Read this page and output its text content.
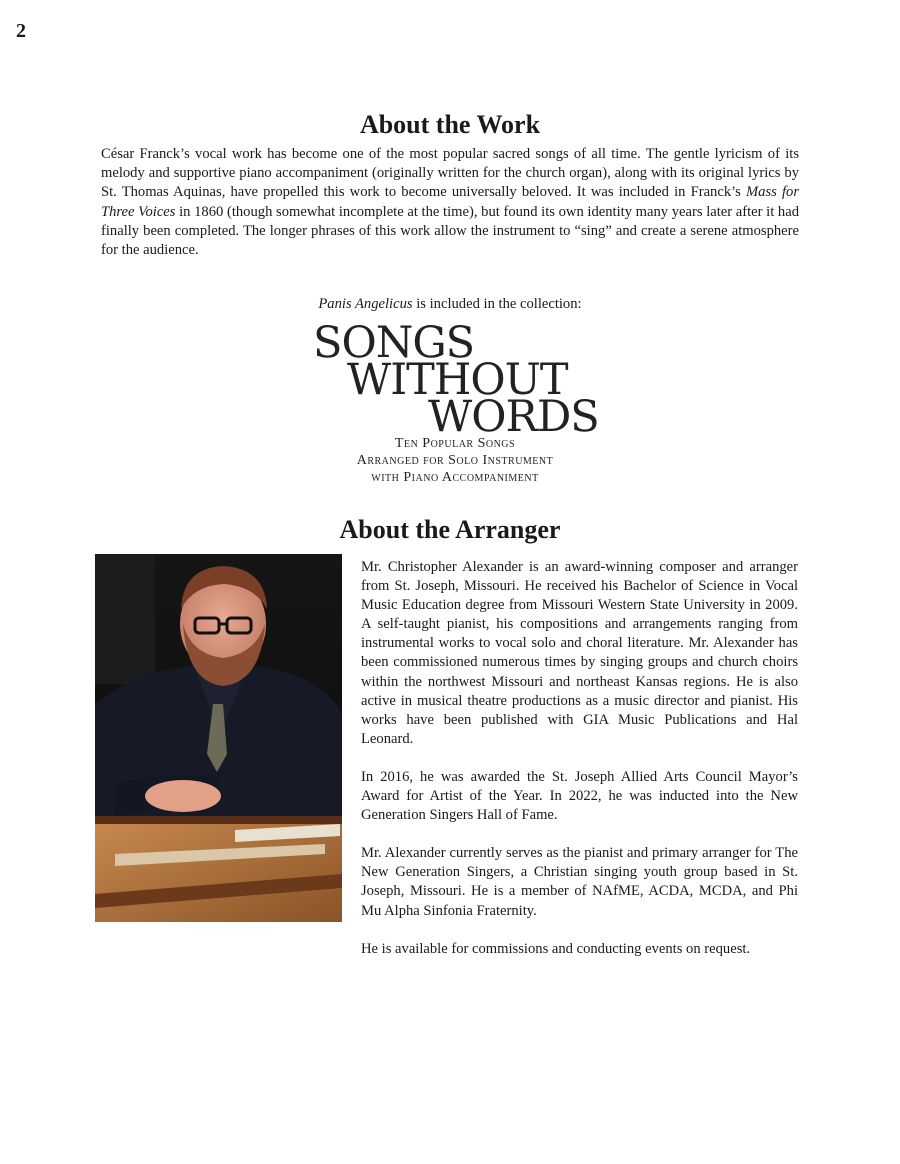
2
About the Work

César Franck’s vocal work has become one of the most popular sacred songs of all time. The gentle lyricism of its melody and supportive piano accompaniment (originally written for the church organ), along with its original lyrics by St. Thomas Aquinas, have propelled this work to become universally beloved. It was included in Franck’s Mass for Three Voices in 1860 (though somewhat incomplete at the time), but found its own identity many years later after it had finally been completed. The longer phrases of this work allow the instrument to “sing” and create a serene atmosphere for the audience.

Panis Angelicus is included in the collection:
SONGS
WITHOUT
WORDS
Ten Popular Songs
Arranged for Solo Instrument
with Piano Accompaniment
About the Arranger

Mr. Christopher Alexander is an award-winning composer and arranger from St. Joseph, Missouri. He received his Bachelor of Science in Vocal Music Education degree from Missouri Western State University in 2009. A self-taught pianist, his compositions and arrangements ranging from instrumental works to vocal solo and choral literature. Mr. Alexander has been commissioned numerous times by singing groups and church choirs within the northwest Missouri and northeast Kansas regions. He is also active in musical theatre productions as a music director and pianist. His works have been published with GIA Music Publications and Hal Leonard.

In 2016, he was awarded the St. Joseph Allied Arts Council Mayor’s Award for Artist of the Year. In 2022, he was inducted into the New Generation Singers Hall of Fame.

Mr. Alexander currently serves as the pianist and primary arranger for The New Generation Singers, a Christian singing youth group based in St. Joseph, Missouri. He is a member of NAfME, ACDA, MCDA, and Phi Mu Alpha Sinfonia Fraternity.

He is available for commissions and conducting events on request.
